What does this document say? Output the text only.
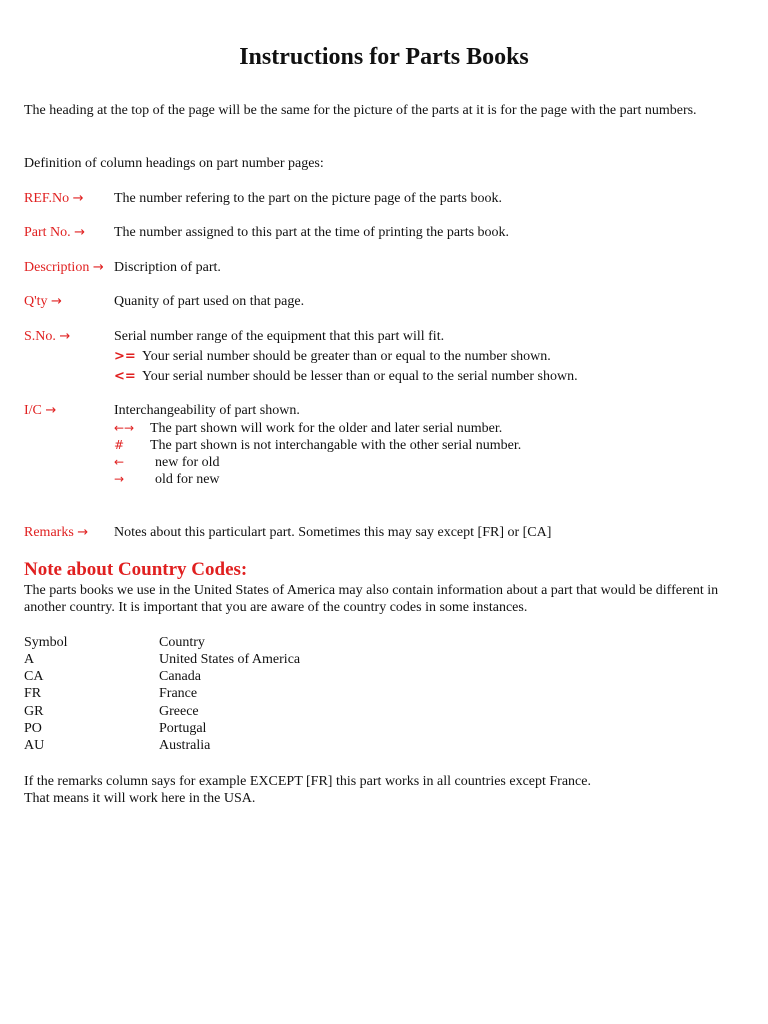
Instructions for Parts Books

The heading at the top of the page will be the same for the picture of the parts at it is for the page with the part numbers.

Definition of column headings on part number pages:

REF.No → The number refering to the part on the picture page of the parts book.
Part No. → The number assigned to this part at the time of printing the parts book.
Description → Discription of part.
Q'ty →	Quanity of part used on that page.
S.No. →	Serial number range of the equipment that this part will fit.
>= Your serial number should be greater than or equal to the number shown.
<= Your serial number should be lesser than or equal to the serial number shown.
I/C →	Interchangeability of part shown.
←→ The part shown will work for the older and later serial number.
# The part shown is not interchangable with the other serial number.
← new for old
→ old for new
Remarks → Notes about this particulart part. Sometimes this may say except [FR] or [CA]
Note about Country Codes:

The parts books we use in the United States of America may also contain information about a part that would be different in another country. It is important that you are aware of the country codes in some instances.

Symbol	Country
A	United States of America
CA	Canada
FR	France
GR	Greece
PO	Portugal
AU	Australia

If the remarks column says for example EXCEPT [FR] this part works in all countries except France.

That means it will work here in the USA.
